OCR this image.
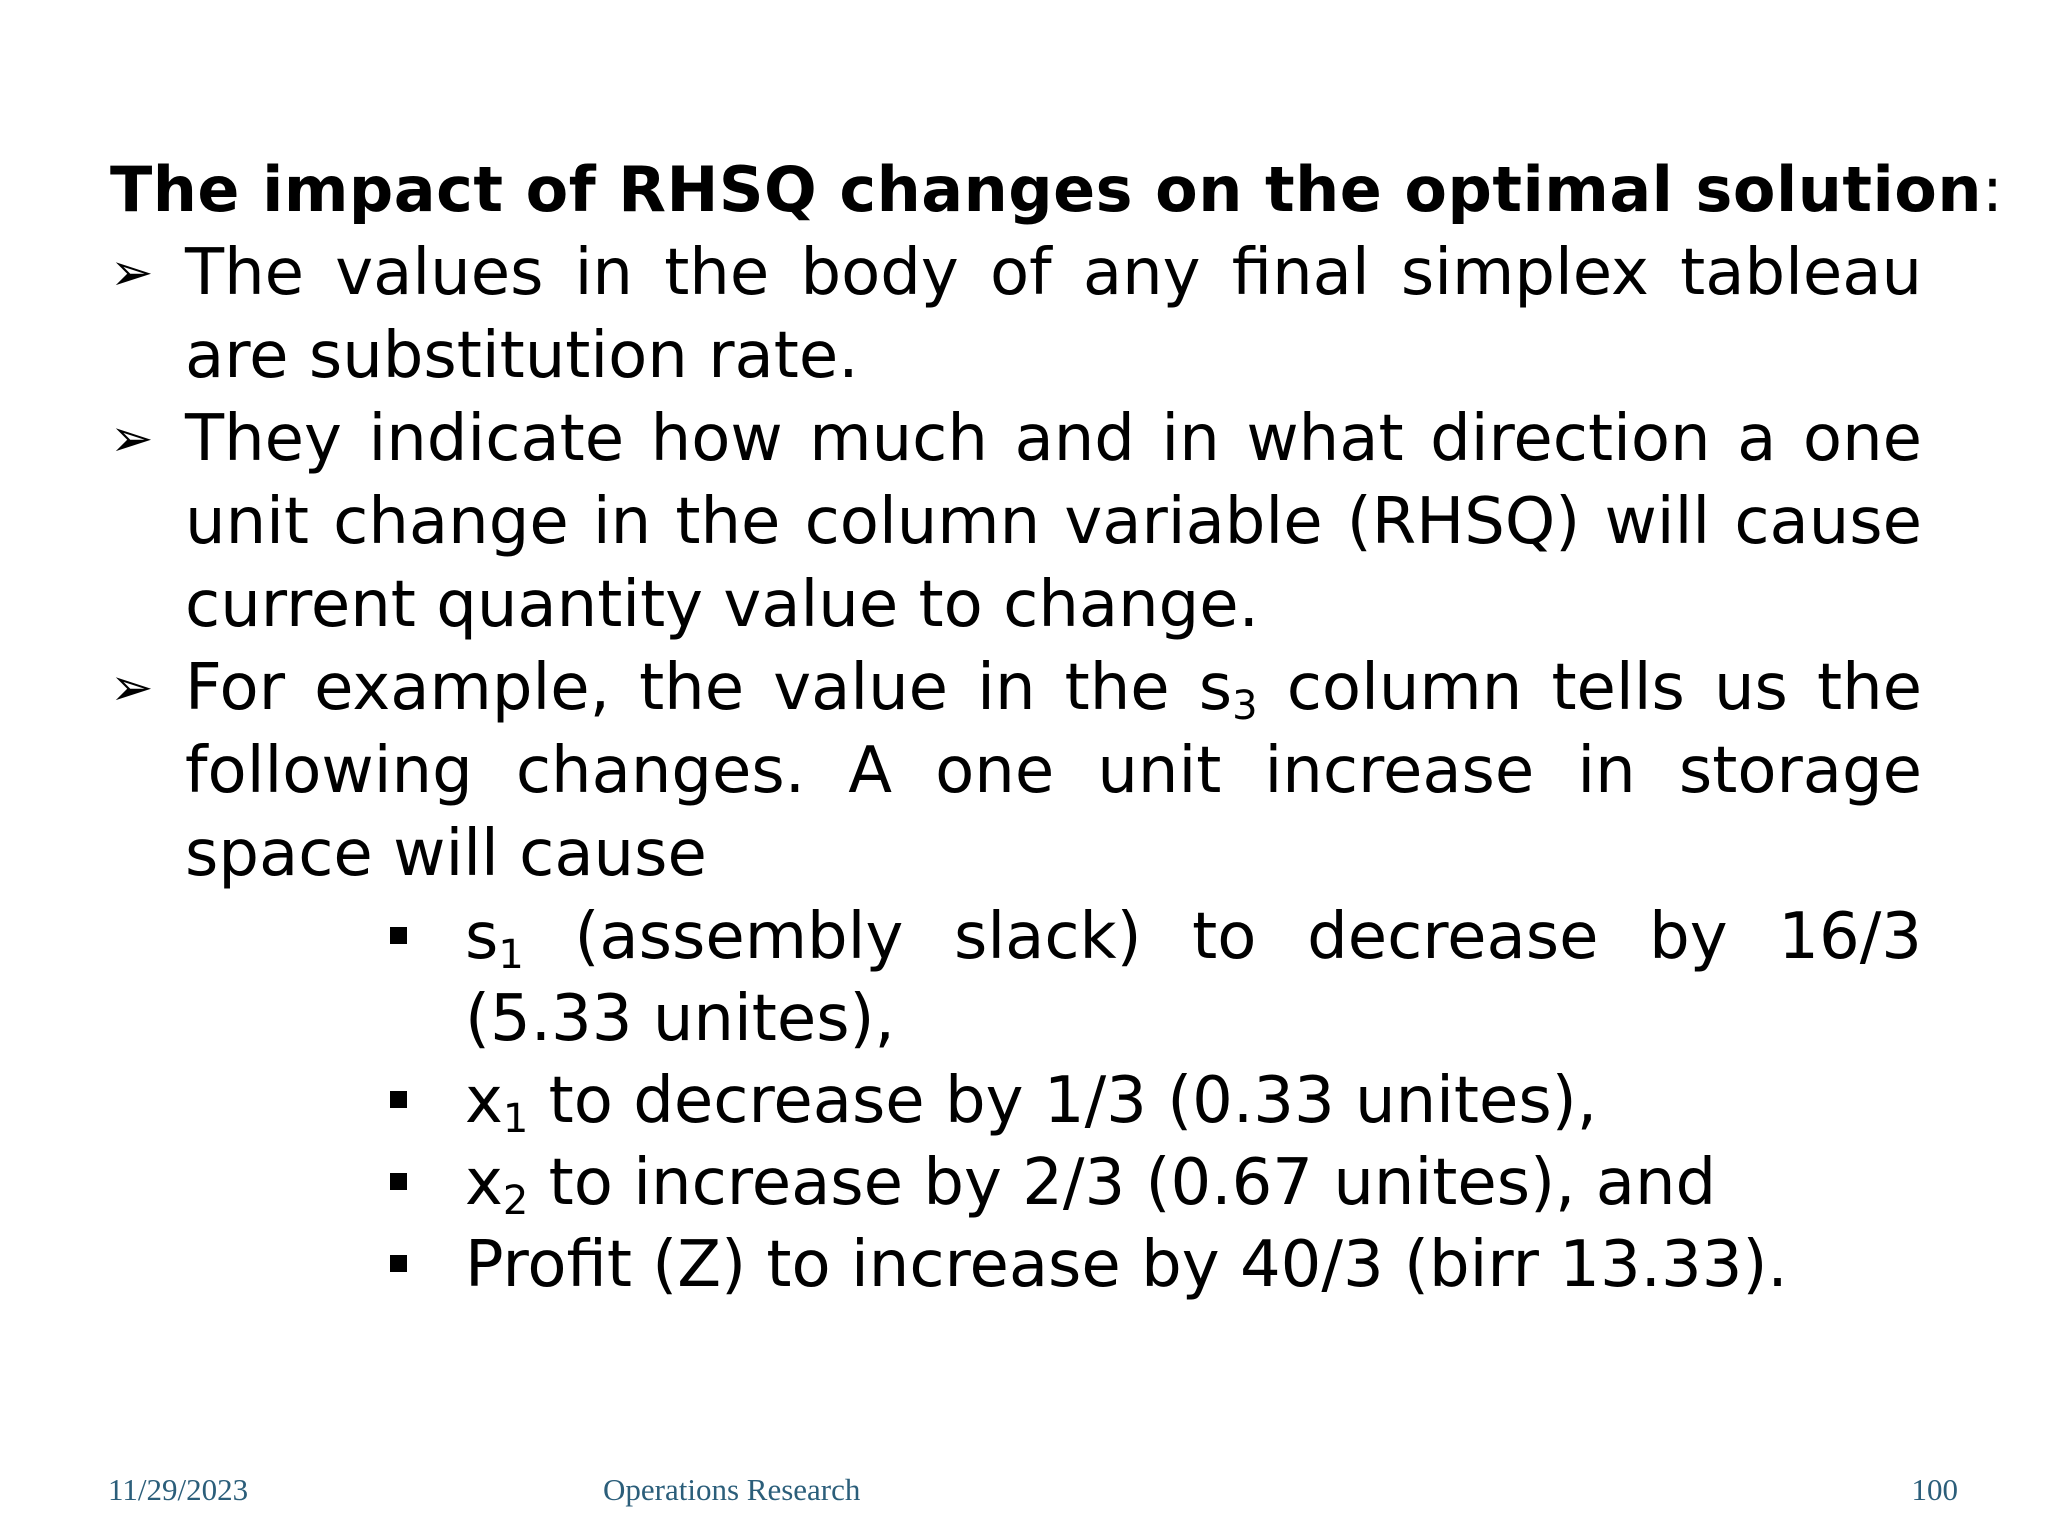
The impact of RHSQ changes on the optimal solution:
➢ The values in the body of any final simplex tableau are substitution rate.
➢ They indicate how much and in what direction a one unit change in the column variable (RHSQ) will cause current quantity value to change.
➢ For example, the value in the $s_3$ column tells us the following changes. A one unit increase in storage space will cause
$s_1$ (assembly slack) to decrease by 16/3 (5.33 unites),
$x_1$ to decrease by 1/3 (0.33 unites),
$x_2$ to increase by 2/3 (0.67 unites), and
Profit (Z) to increase by 40/3 (birr 13.33).
11/29/2023	Operations Research	100
